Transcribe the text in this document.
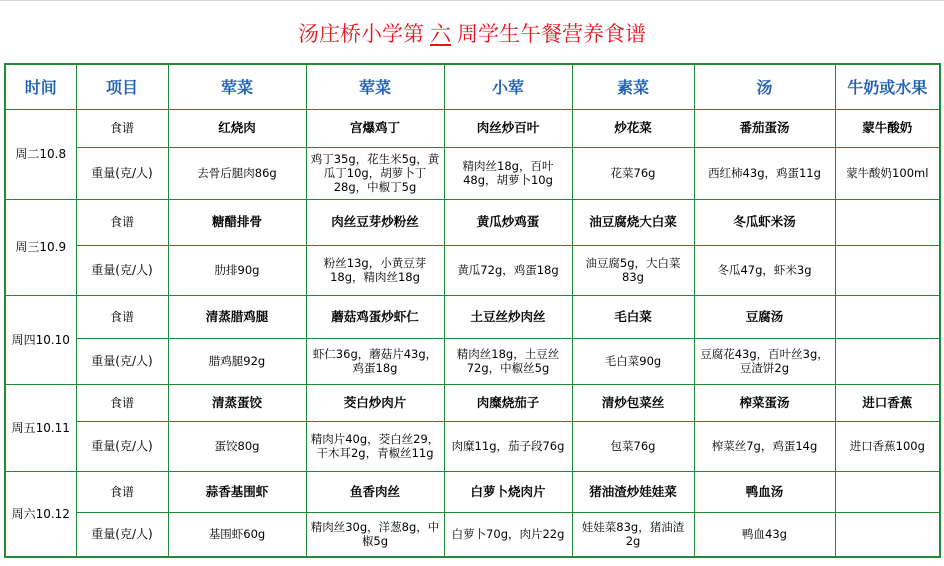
汤庄桥小学第 六 周学生午餐营养食谱
时间	项目	荤菜	荤菜	小荤	素菜	汤	牛奶或水果
周二10.8	食谱	红烧肉	宫爆鸡丁	肉丝炒百叶	炒花菜	番茄蛋汤	蒙牛酸奶
	重量(克/人)	去骨后腿肉86g	鸡丁35g，花生米5g，黄瓜丁10g，胡萝卜丁28g，中椒丁5g	精肉丝18g，百叶48g，胡萝卜10g	花菜76g	西红柿43g，鸡蛋11g	蒙牛酸奶100ml
周三10.9	食谱	糖醋排骨	肉丝豆芽炒粉丝	黄瓜炒鸡蛋	油豆腐烧大白菜	冬瓜虾米汤	
	重量(克/人)	肋排90g	粉丝13g，小黄豆芽18g，精肉丝18g	黄瓜72g，鸡蛋18g	油豆腐5g，大白菜83g	冬瓜47g，虾米3g	
周四10.10	食谱	清蒸腊鸡腿	蘑菇鸡蛋炒虾仁	土豆丝炒肉丝	毛白菜	豆腐汤	
	重量(克/人)	腊鸡腿92g	虾仁36g，蘑菇片43g，鸡蛋18g	精肉丝18g，土豆丝72g，中椒丝5g	毛白菜90g	豆腐花43g，百叶丝3g，豆渣饼2g	
周五10.11	食谱	清蒸蛋饺	茭白炒肉片	肉糜烧茄子	清炒包菜丝	榨菜蛋汤	进口香蕉
	重量(克/人)	蛋饺80g	精肉片40g，茭白丝29，干木耳2g，青椒丝11g	肉糜11g，茄子段76g	包菜76g	榨菜丝7g，鸡蛋14g	进口香蕉100g
周六10.12	食谱	蒜香基围虾	鱼香肉丝	白萝卜烧肉片	猪油渣炒娃娃菜	鸭血汤	
	重量(克/人)	基围虾60g	精肉丝30g，洋葱8g，中椒5g	白萝卜70g，肉片22g	娃娃菜83g，猪油渣2g	鸭血43g	
